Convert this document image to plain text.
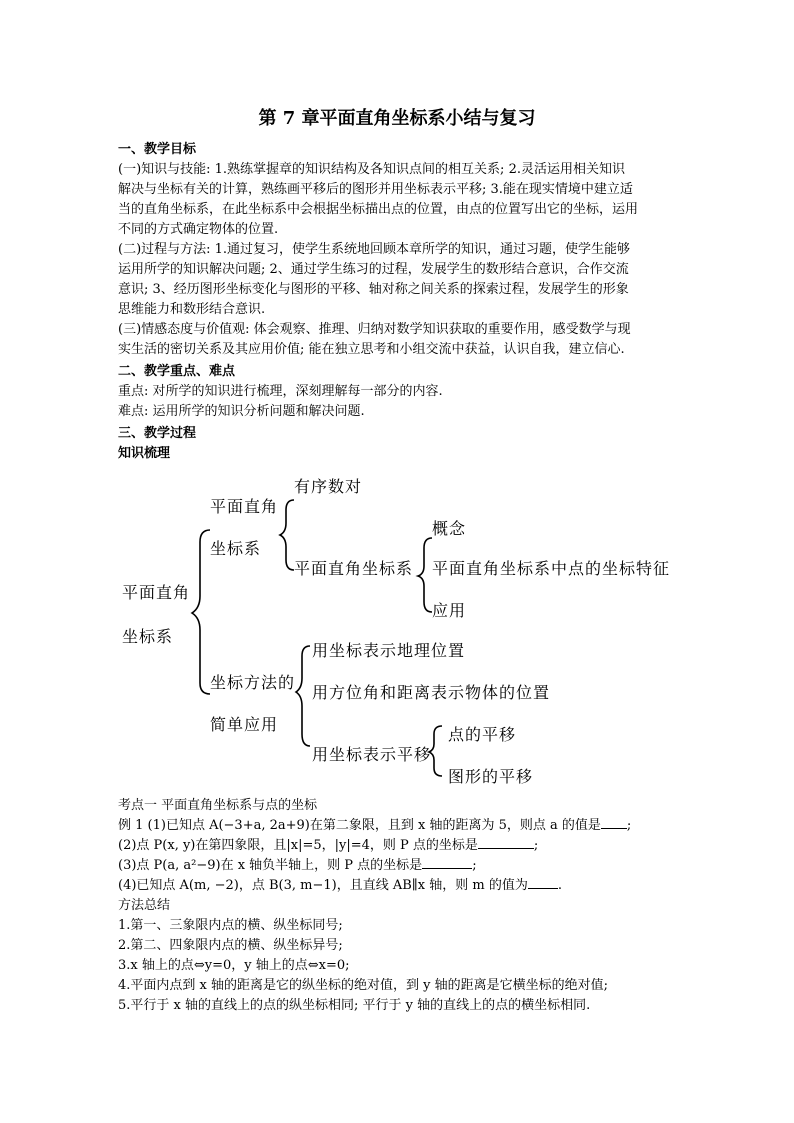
第 7 章平面直角坐标系小结与复习
一、教学目标
(一)知识与技能: 1.熟练掌握章的知识结构及各知识点间的相互关系; 2.灵活运用相关知识
解决与坐标有关的计算，熟练画平移后的图形并用坐标表示平移; 3.能在现实情境中建立适
当的直角坐标系，在此坐标系中会根据坐标描出点的位置，由点的位置写出它的坐标，运用
不同的方式确定物体的位置.
(二)过程与方法: 1.通过复习，使学生系统地回顾本章所学的知识，通过习题，使学生能够
运用所学的知识解决问题; 2、通过学生练习的过程，发展学生的数形结合意识，合作交流
意识; 3、经历图形坐标变化与图形的平移、轴对称之间关系的探索过程，发展学生的形象
思维能力和数形结合意识.
(三)情感态度与价值观: 体会观察、推理、归纳对数学知识获取的重要作用，感受数学与现
实生活的密切关系及其应用价值; 能在独立思考和小组交流中获益，认识自我，建立信心.
二、教学重点、难点
重点: 对所学的知识进行梳理，深刻理解每一部分的内容.
难点: 运用所学的知识分析问题和解决问题.
三、教学过程
知识梳理
平面直角
坐标系
平面直角
坐标系
有序数对
平面直角坐标系
概念
平面直角坐标系中点的坐标特征
应用
坐标方法的
简单应用
用坐标表示地理位置
用方位角和距离表示物体的位置
用坐标表示平移
点的平移
图形的平移
考点一 平面直角坐标系与点的坐标
例 1 (1)已知点 A(−3+a, 2a+9)在第二象限，且到 x 轴的距离为 5，则点 a 的值是 ;
(2)点 P(x, y)在第四象限，且|x|=5，|y|=4，则 P 点的坐标是	;
(3)点 P(a, a²−9)在 x 轴负半轴上，则 P 点的坐标是	;
(4)已知点 A(m, −2)，点 B(3, m−1)，且直线 AB∥x 轴，则 m 的值为 .
方法总结
1.第一、三象限内点的横、纵坐标同号;
2.第二、四象限内点的横、纵坐标异号;
3.x 轴上的点⇔y=0，y 轴上的点⇔x=0;
4.平面内点到 x 轴的距离是它的纵坐标的绝对值，到 y 轴的距离是它横坐标的绝对值;
5.平行于 x 轴的直线上的点的纵坐标相同; 平行于 y 轴的直线上的点的横坐标相同.
